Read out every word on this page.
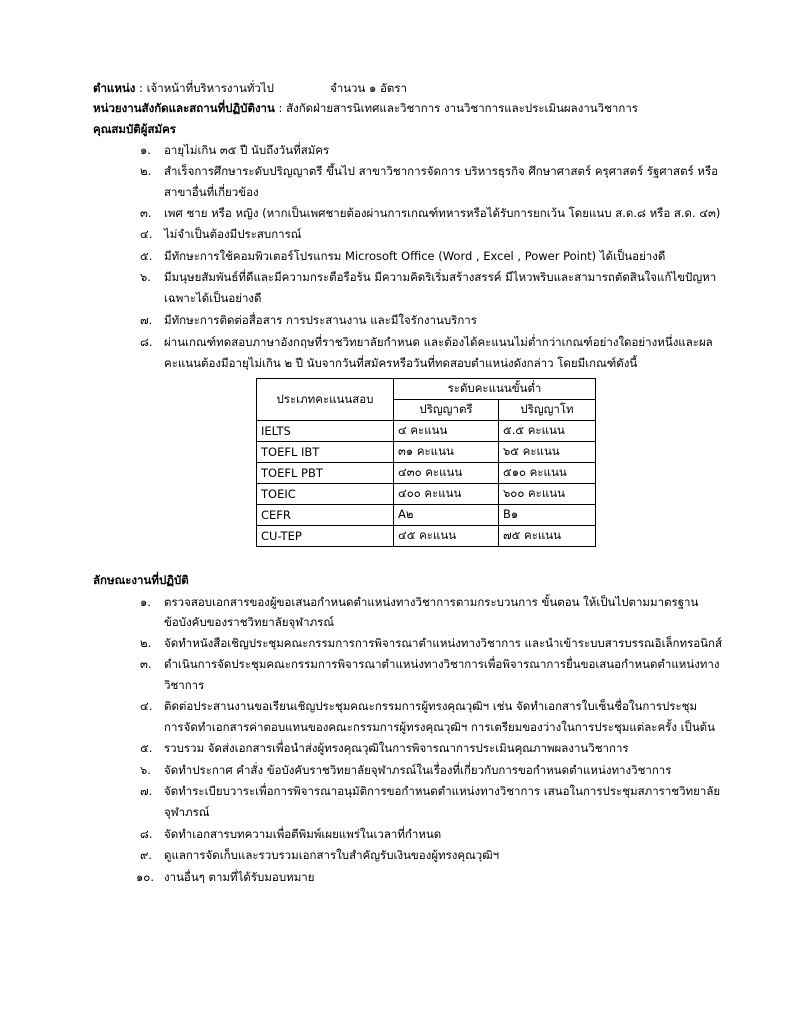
ตำแหน่ง : เจ้าหน้าที่บริหารงานทั่วไป	จำนวน ๑ อัตรา
หน่วยงานสังกัดและสถานที่ปฏิบัติงาน : สังกัดฝ่ายสารนิเทศและวิชาการ งานวิชาการและประเมินผลงานวิชาการ
คุณสมบัติผู้สมัคร
๑. อายุไม่เกิน ๓๕ ปี นับถึงวันที่สมัคร
๒. สำเร็จการศึกษาระดับปริญญาตรี ขึ้นไป สาขาวิชาการจัดการ บริหารธุรกิจ ศึกษาศาสตร์ ครุศาสตร์ รัฐศาสตร์ หรือ
สาขาอื่นที่เกี่ยวข้อง
๓. เพศ ชาย หรือ หญิง (หากเป็นเพศชายต้องผ่านการเกณฑ์ทหารหรือได้รับการยกเว้น โดยแนบ ส.ด.๘ หรือ ส.ด. ๔๓)
๔. ไม่จำเป็นต้องมีประสบการณ์
๕. มีทักษะการใช้คอมพิวเตอร์โปรแกรม Microsoft Office (Word , Excel , Power Point) ได้เป็นอย่างดี
๖. มีมนุษยสัมพันธ์ที่ดีและมีความกระตือรือร้น มีความคิดริเริ่มสร้างสรรค์ มีไหวพริบและสามารถตัดสินใจแก้ไขปัญหา
เฉพาะได้เป็นอย่างดี
๗. มีทักษะการติดต่อสื่อสาร การประสานงาน และมีใจรักงานบริการ
๘. ผ่านเกณฑ์ทดสอบภาษาอังกฤษที่ราชวิทยาลัยกำหนด และต้องได้คะแนนไม่ต่ำกว่าเกณฑ์อย่างใดอย่างหนึ่งและผล
คะแนนต้องมีอายุไม่เกิน ๒ ปี นับจากวันที่สมัครหรือวันที่ทดสอบตำแหน่งดังกล่าว โดยมีเกณฑ์ดังนี้
ประเภทคะแนนสอบ	ระดับคะแนนขั้นต่ำ	
	ปริญญาตรี	ปริญญาโท
IELTS	๔ คะแนน	๕.๕ คะแนน
TOEFL IBT	๓๑ คะแนน	๖๕ คะแนน
TOEFL PBT	๔๓๐ คะแนน	๕๑๐ คะแนน
TOEIC	๔๐๐ คะแนน	๖๐๐ คะแนน
CEFR	A๒	B๑
CU-TEP	๔๕ คะแนน	๗๕ คะแนน
ลักษณะงานที่ปฏิบัติ
๑. ตรวจสอบเอกสารของผู้ขอเสนอกำหนดตำแหน่งทางวิชาการตามกระบวนการ ขั้นตอน ให้เป็นไปตามมาตรฐาน
ข้อบังคับของราชวิทยาลัยจุฬาภรณ์
๒. จัดทำหนังสือเชิญประชุมคณะกรรมการการพิจารณาตำแหน่งทางวิชาการ และนำเข้าระบบสารบรรณอิเล็กทรอนิกส์
๓. ดำเนินการจัดประชุมคณะกรรมการพิจารณาตำแหน่งทางวิชาการเพื่อพิจารณาการยื่นขอเสนอกำหนดตำแหน่งทาง
วิชาการ
๔. ติดต่อประสานงานขอเรียนเชิญประชุมคณะกรรมการผู้ทรงคุณวุฒิฯ เช่น จัดทำเอกสารใบเซ็นชื่อในการประชุม
การจัดทำเอกสารค่าตอบแทนของคณะกรรมการผู้ทรงคุณวุฒิฯ การเตรียมของว่างในการประชุมแต่ละครั้ง เป็นต้น
๕. รวบรวม จัดส่งเอกสารเพื่อนำส่งผู้ทรงคุณวุฒิในการพิจารณาการประเมินคุณภาพผลงานวิชาการ
๖. จัดทำประกาศ คำสั่ง ข้อบังคับราชวิทยาลัยจุฬาภรณ์ในเรื่องที่เกี่ยวกับการขอกำหนดตำแหน่งทางวิชาการ
๗. จัดทำระเบียบวาระเพื่อการพิจารณาอนุมัติการขอกำหนดตำแหน่งทางวิชาการ เสนอในการประชุมสภาราชวิทยาลัย
จุฬาภรณ์
๘. จัดทำเอกสารบทความเพื่อตีพิมพ์เผยแพร่ในเวลาที่กำหนด
๙. ดูแลการจัดเก็บและรวบรวมเอกสารใบสำคัญรับเงินของผู้ทรงคุณวุฒิฯ
๑๐. งานอื่นๆ ตามที่ได้รับมอบหมาย
